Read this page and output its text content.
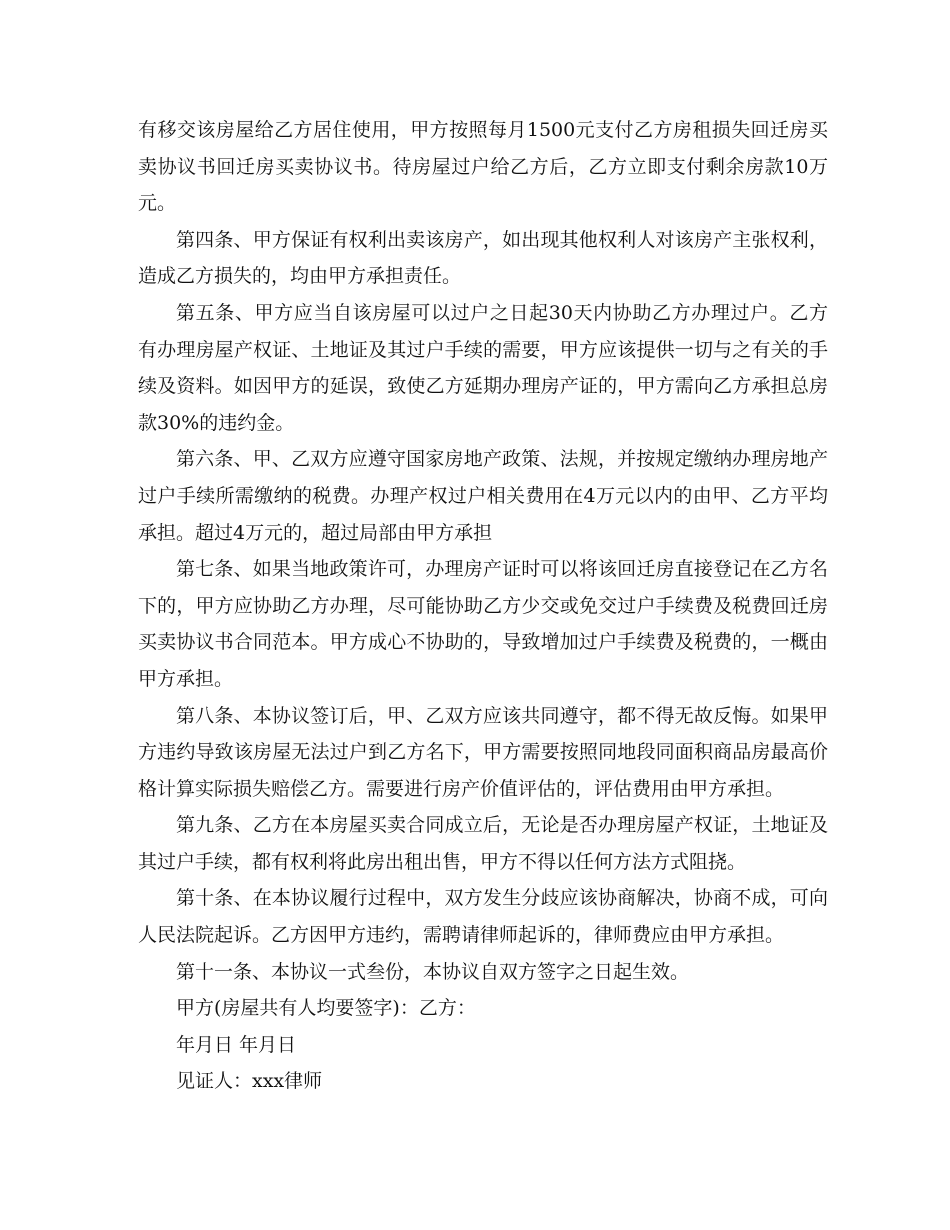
有移交该房屋给乙方居住使用，甲方按照每月1500元支付乙方房租损失回迁房买
卖协议书回迁房买卖协议书。待房屋过户给乙方后，乙方立即支付剩余房款10万
元。
第四条、甲方保证有权利出卖该房产，如出现其他权利人对该房产主张权利，
造成乙方损失的，均由甲方承担责任。
第五条、甲方应当自该房屋可以过户之日起30天内协助乙方办理过户。乙方
有办理房屋产权证、土地证及其过户手续的需要，甲方应该提供一切与之有关的手
续及资料。如因甲方的延误，致使乙方延期办理房产证的，甲方需向乙方承担总房
款30%的违约金。
第六条、甲、乙双方应遵守国家房地产政策、法规，并按规定缴纳办理房地产
过户手续所需缴纳的税费。办理产权过户相关费用在4万元以内的由甲、乙方平均
承担。超过4万元的，超过局部由甲方承担
第七条、如果当地政策许可，办理房产证时可以将该回迁房直接登记在乙方名
下的，甲方应协助乙方办理，尽可能协助乙方少交或免交过户手续费及税费回迁房
买卖协议书合同范本。甲方成心不协助的，导致增加过户手续费及税费的，一概由
甲方承担。
第八条、本协议签订后，甲、乙双方应该共同遵守，都不得无故反悔。如果甲
方违约导致该房屋无法过户到乙方名下，甲方需要按照同地段同面积商品房最高价
格计算实际损失赔偿乙方。需要进行房产价值评估的，评估费用由甲方承担。
第九条、乙方在本房屋买卖合同成立后，无论是否办理房屋产权证，土地证及
其过户手续，都有权利将此房出租出售，甲方不得以任何方法方式阻挠。
第十条、在本协议履行过程中，双方发生分歧应该协商解决，协商不成，可向
人民法院起诉。乙方因甲方违约，需聘请律师起诉的，律师费应由甲方承担。
第十一条、本协议一式叁份，本协议自双方签字之日起生效。
甲方(房屋共有人均要签字)：乙方：
年月日 年月日
见证人：xxx律师
